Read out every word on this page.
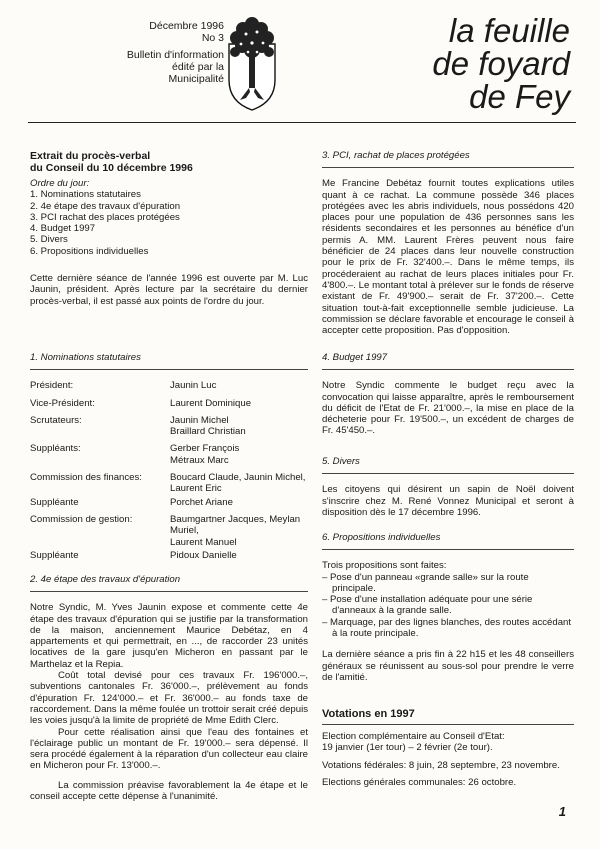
Décembre 1996
No 3
Bulletin d'information
édité par la Municipalité
la feuille
de foyard
de Fey
Extrait du procès-verbal
du Conseil du 10 décembre 1996
Ordre du jour:
1. Nominations statutaires
2. 4e étape des travaux d'épuration
3. PCI rachat des places protégées
4. Budget 1997
5. Divers
6. Propositions individuelles

Cette dernière séance de l'année 1996 est ouverte par M. Luc Jaunin, président. Après lecture par la secrétaire du dernier procès-verbal, il est passé aux points de l'ordre du jour.

1. Nominations statutaires
Président:	Jaunin Luc
Vice-Président:	Laurent Dominique
Scrutateurs:	Jaunin Michel
Braillard Christian
Suppléants:	Gerber François
Métraux Marc
Commission des finances:	Boucard Claude, Jaunin Michel,
Laurent Eric
Suppléante	Porchet Ariane
Commission de gestion:	Baumgartner Jacques, Meylan Muriel,
Laurent Manuel
Suppléante	Pidoux Danielle
2. 4e étape des travaux d'épuration

Notre Syndic, M. Yves Jaunin expose et commente cette 4e étape des travaux d'épuration qui se justifie par la transformation de la maison, anciennement Maurice Debétaz, en 4 appartements et qui permettrait, en ..., de raccorder 23 unités locatives de la gare jusqu'en Micheron en passant par le Marthelaz et la Repia.

Coût total devisé pour ces travaux Fr. 196'000.–, subventions cantonales Fr. 36'000.–, prélèvement au fonds d'épuration Fr. 124'000.– et Fr. 36'000.– au fonds taxe de raccordement. Dans la même foulée un trottoir serait créé depuis les voies jusqu'à la limite de propriété de Mme Edith Clerc.

Pour cette réalisation ainsi que l'eau des fontaines et l'éclairage public un montant de Fr. 19'000.– sera dépensé. Il sera procédé également à la réparation d'un collecteur eau claire en Micheron pour Fr. 13'000.–.

La commission préavise favorablement la 4e étape et le conseil accepte cette dépense à l'unanimité.

3. PCI, rachat de places protégées

Me Francine Debétaz fournit toutes explications utiles quant à ce rachat. La commune possède 346 places protégées avec les abris individuels, nous possédons 420 places pour une population de 436 personnes sans les résidents secondaires et les personnes au bénéfice d'un permis A. MM. Laurent Frères peuvent nous faire bénéficier de 24 places dans leur nouvelle construction pour le prix de Fr. 32'400.–. Dans le même temps, ils procéderaient au rachat de leurs places initiales pour Fr. 4'800.–. Le montant total à prélever sur le fonds de réserve existant de Fr. 49'900.– serait de Fr. 37'200.–. Cette situation tout-à-fait exceptionnelle semble judicieuse. La commission se déclare favorable et encourage le conseil à accepter cette proposition. Pas d'opposition.

4. Budget 1997

Notre Syndic commente le budget reçu avec la convocation qui laisse apparaître, après le remboursement du déficit de l'Etat de Fr. 21'000.–, la mise en place de la décheterie pour Fr. 19'500.–, un excédent de charges de Fr. 45'450.–.

5. Divers

Les citoyens qui désirent un sapin de Noël doivent s'inscrire chez M. René Vonnez Municipal et seront à disposition dès le 17 décembre 1996.

6. Propositions individuelles

Trois propositions sont faites:

– Pose d'un panneau «grande salle» sur la route principale.
– Pose d'une installation adéquate pour une série d'anneaux à la grande salle.
– Marquage, par des lignes blanches, des routes accédant à la route principale.

La dernière séance a pris fin à 22 h15 et les 48 conseillers généraux se réunissent au sous-sol pour prendre le verre de l'amitié.

Votations en 1997
Election complémentaire au Conseil d'Etat:
19 janvier (1er tour) – 2 février (2e tour).
Votations fédérales: 8 juin, 28 septembre, 23 novembre.
Elections générales communales: 26 octobre.
1
